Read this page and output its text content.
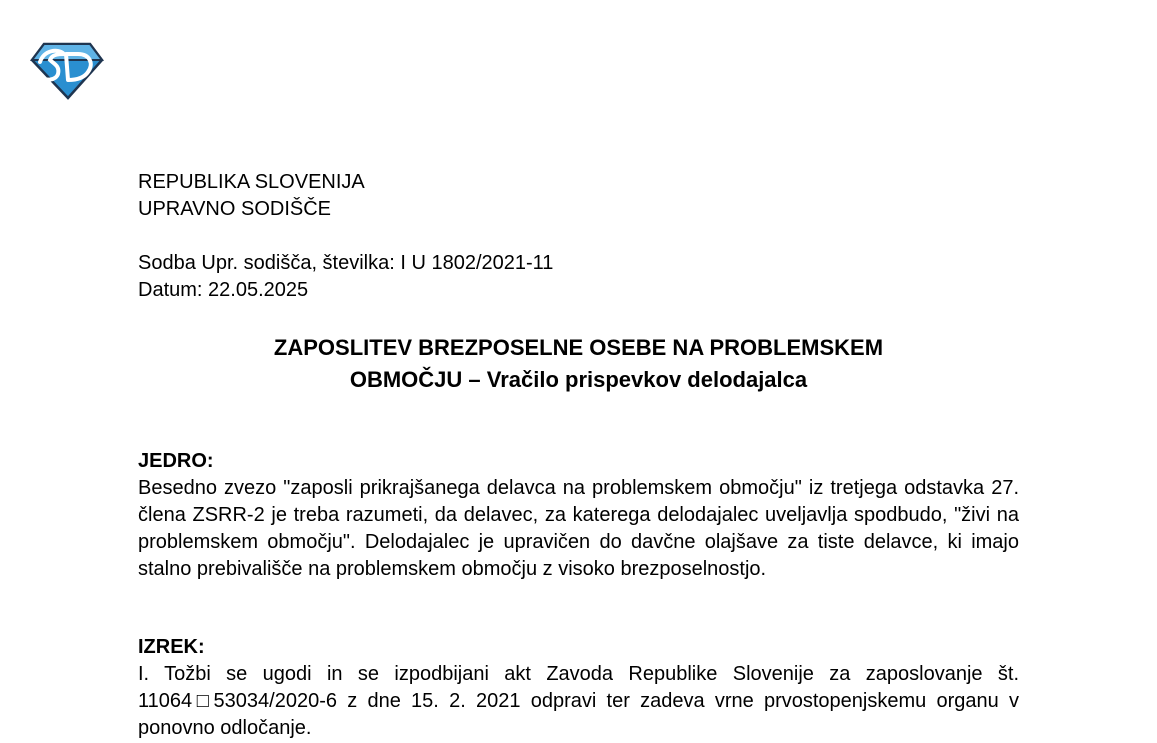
REPUBLIKA SLOVENIJA
UPRAVNO SODIŠČE
Sodba Upr. sodišča, številka: I U 1802/2021-11
Datum: 22.05.2025
ZAPOSLITEV BREZPOSELNE OSEBE NA PROBLEMSKEM
OBMOČJU – Vračilo prispevkov delodajalca
JEDRO:
Besedno zvezo "zaposli prikrajšanega delavca na problemskem območju" iz tretjega odstavka 27. člena ZSRR-2 je treba razumeti, da delavec, za katerega delodajalec uveljavlja spodbudo, "živi na problemskem območju". Delodajalec je upravičen do davčne olajšave za tiste delavce, ki imajo stalno prebivališče na problemskem območju z visoko brezposelnostjo.
IZREK:
I. Tožbi se ugodi in se izpodbijani akt Zavoda Republike Slovenije za zaposlovanje št. 11064□53034/2020-6 z dne 15. 2. 2021 odpravi ter zadeva vrne prvostopenjskemu organu v ponovno odločanje.
